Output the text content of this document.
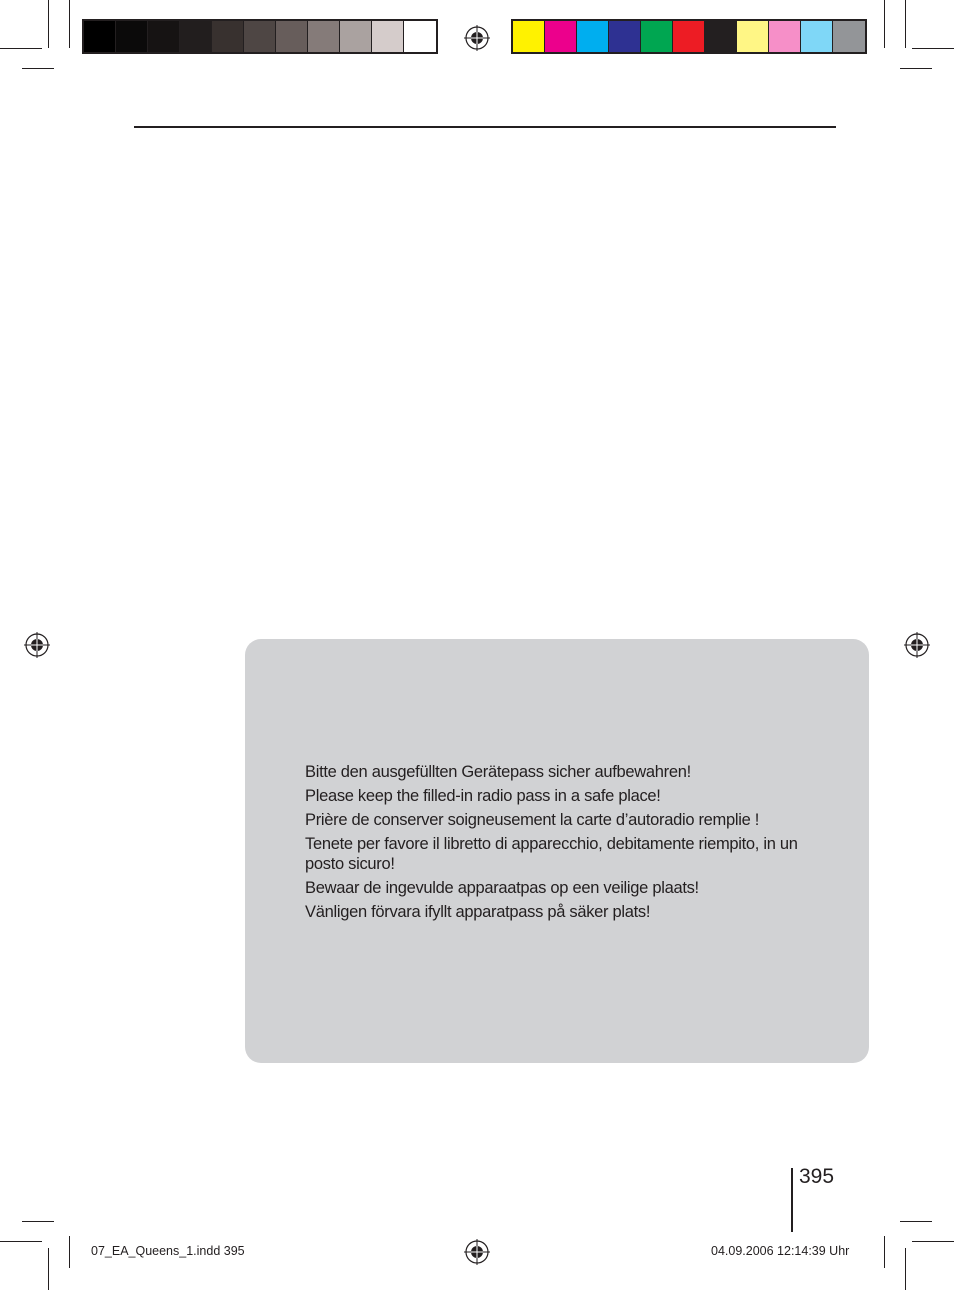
Bitte den ausgefüllten Gerätepass sicher aufbewahren!

Please keep the filled-in radio pass in a safe place!

Prière de conserver soigneusement la carte d’autoradio remplie !

Tenete per favore il libretto di apparecchio, debitamente riempito, in un posto sicuro!

Bewaar de ingevulde apparaatpas op een veilige plaats!

Vänligen förvara ifyllt apparatpass på säker plats!

395
07_EA_Queens_1.indd 395	04.09.2006 12:14:39 Uhr
